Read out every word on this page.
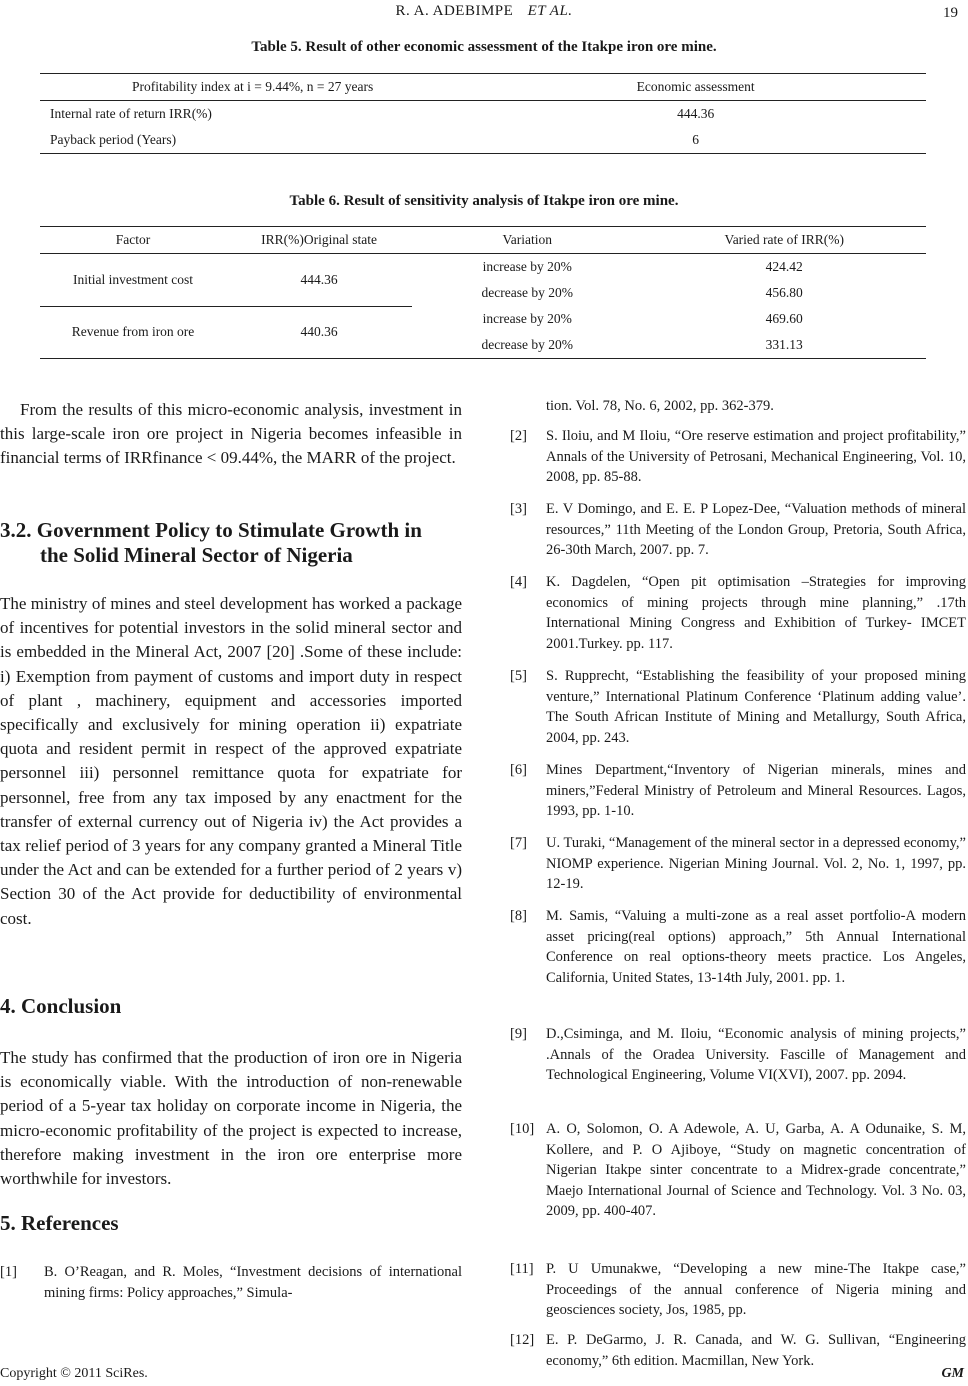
R. A. ADEBIMPE ET AL.	19
Table 5. Result of other economic assessment of the Itakpe iron ore mine.
Profitability index at i = 9.44%, n = 27 years	Economic assessment
Internal rate of return IRR(%)	444.36
Payback period (Years)	6
Table 6. Result of sensitivity analysis of Itakpe iron ore mine.
Factor	IRR(%)Original state	Variation	Varied rate of IRR(%)
Initial investment cost	444.36	increase by 20%	424.42
		decrease by 20%	456.80
Revenue from iron ore	440.36	increase by 20%	469.60
		decrease by 20%	331.13
From the results of this micro-economic analysis, investment in this large-scale iron ore project in Nigeria becomes infeasible in financial terms of IRRfinance < 09.44%, the MARR of the project.
3.2. Government Policy to Stimulate Growth in
the Solid Mineral Sector of Nigeria
The ministry of mines and steel development has worked a package of incentives for potential investors in the solid mineral sector and is embedded in the Mineral Act, 2007 [20] .Some of these include: i) Exemption from payment of customs and import duty in respect of plant , machinery, equipment and accessories imported specifically and exclusively for mining operation ii) expatriate quota and resident permit in respect of the approved expatriate personnel iii) personnel remittance quota for expatriate for personnel, free from any tax imposed by any enactment for the transfer of external currency out of Nigeria iv) the Act provides a tax relief period of 3 years for any company granted a Mineral Title under the Act and can be extended for a further period of 2 years v) Section 30 of the Act provide for deductibility of environmental cost.
4. Conclusion
The study has confirmed that the production of iron ore in Nigeria is economically viable. With the introduction of non-renewable period of a 5-year tax holiday on corporate income in Nigeria, the micro-economic profitability of the project is expected to increase, therefore making investment in the iron ore enterprise more worthwhile for investors.
5. References
[1] B. O’Reagan, and R. Moles, “Investment decisions of international mining firms: Policy approaches,” Simula-
tion. Vol. 78, No. 6, 2002, pp. 362-379.
[2]	S. Iloiu, and M Iloiu, “Ore reserve estimation and project profitability,” Annals of the University of Petrosani, Mechanical Engineering, Vol. 10, 2008, pp. 85-88.
[3]	E. V Domingo, and E. E. P Lopez-Dee, “Valuation methods of mineral resources,” 11th Meeting of the London Group, Pretoria, South Africa, 26-30th March, 2007. pp. 7.
[4]	K. Dagdelen, “Open pit optimisation –Strategies for improving economics of mining projects through mine planning,” .17th International Mining Congress and Exhibition of Turkey- IMCET 2001.Turkey. pp. 117.
[5]	S. Rupprecht, “Establishing the feasibility of your proposed mining venture,” International Platinum Conference ‘Platinum adding value’. The South African Institute of Mining and Metallurgy, South Africa, 2004, pp. 243.
[6]	Mines Department,“Inventory of Nigerian minerals, mines and miners,”Federal Ministry of Petroleum and Mineral Resources. Lagos, 1993, pp. 1-10.
[7]	U. Turaki, “Management of the mineral sector in a depressed economy,” NIOMP experience. Nigerian Mining Journal. Vol. 2, No. 1, 1997, pp. 12-19.
[8]	M. Samis, “Valuing a multi-zone as a real asset portfolio-A modern asset pricing(real options) approach,” 5th Annual International Conference on real options-theory meets practice. Los Angeles, California, United States, 13-14th July, 2001. pp. 1.
[9]	D.,Csiminga, and M. Iloiu, “Economic analysis of mining projects,” .Annals of the Oradea University. Fascille of Management and Technological Engineering, Volume VI(XVI), 2007. pp. 2094.
[10] A. O, Solomon, O. A Adewole, A. U, Garba, A. A Odunaike, S. M, Kollere, and P. O Ajiboye, “Study on magnetic concentration of Nigerian Itakpe sinter concentrate to a Midrex-grade concentrate,” Maejo International Journal of Science and Technology. Vol. 3 No. 03, 2009, pp. 400-407.
[11] P. U Umunakwe, “Developing a new mine-The Itakpe case,” Proceedings of the annual conference of Nigeria mining and geosciences society, Jos, 1985, pp.
[12] E. P. DeGarmo, J. R. Canada, and W. G. Sullivan, “Engineering economy,” 6th edition. Macmillan, New York.
Copyright © 2011 SciRes.	GM
